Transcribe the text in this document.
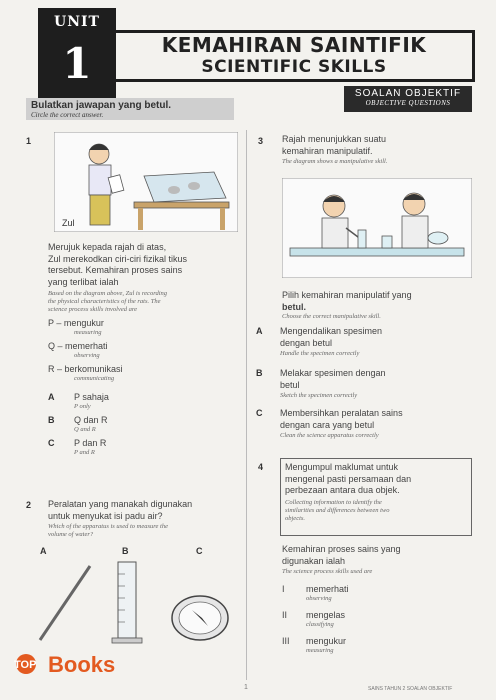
UNIT
1	KEMAHIRAN SAINTIFIK
SCIENTIFIC SKILLS
SOALAN OBJEKTIF
OBJECTIVE QUESTIONS
Bulatkan jawapan yang betul.
Circle the correct answer.
1
Zul
Merujuk kepada rajah di atas,
Zul merekodkan ciri-ciri fizikal tikus
tersebut. Kemahiran proses sains
yang terlibat ialah
Based on the diagram above, Zul is recording
the physical characteristics of the rats. The
science process skills involved are
P – mengukur
measuring
Q – memerhati
observing
R – berkomunikasi
communicating
A P sahaja
P only
B Q dan R
Q and R
C P dan R
P and R
2 Peralatan yang manakah digunakan
untuk menyukat isi padu air?
Which of the apparatus is used to measure the
volume of water?
A	B	C
TOP Books
3 Rajah menunjukkan suatu
kemahiran manipulatif.
The diagram shows a manipulative skill.
Pilih kemahiran manipulatif yang
betul.
Choose the correct manipulative skill.
A Mengendalikan spesimen
dengan betul
Handle the specimen correctly
B Melakar spesimen dengan
betul
Sketch the specimen correctly
C Membersihkan peralatan sains
dengan cara yang betul
Clean the science apparatus correctly
4 Mengumpul maklumat untuk
mengenal pasti persamaan dan
perbezaan antara dua objek.
Collecting information to identify the
similarities and differences between two
objects.
Kemahiran proses sains yang
digunakan ialah
The science process skills used are
I memerhati
observing
II mengelas
classifying
III mengukur
measuring
1	SAINS TAHUN 2 SOALAN OBJEKTIF
